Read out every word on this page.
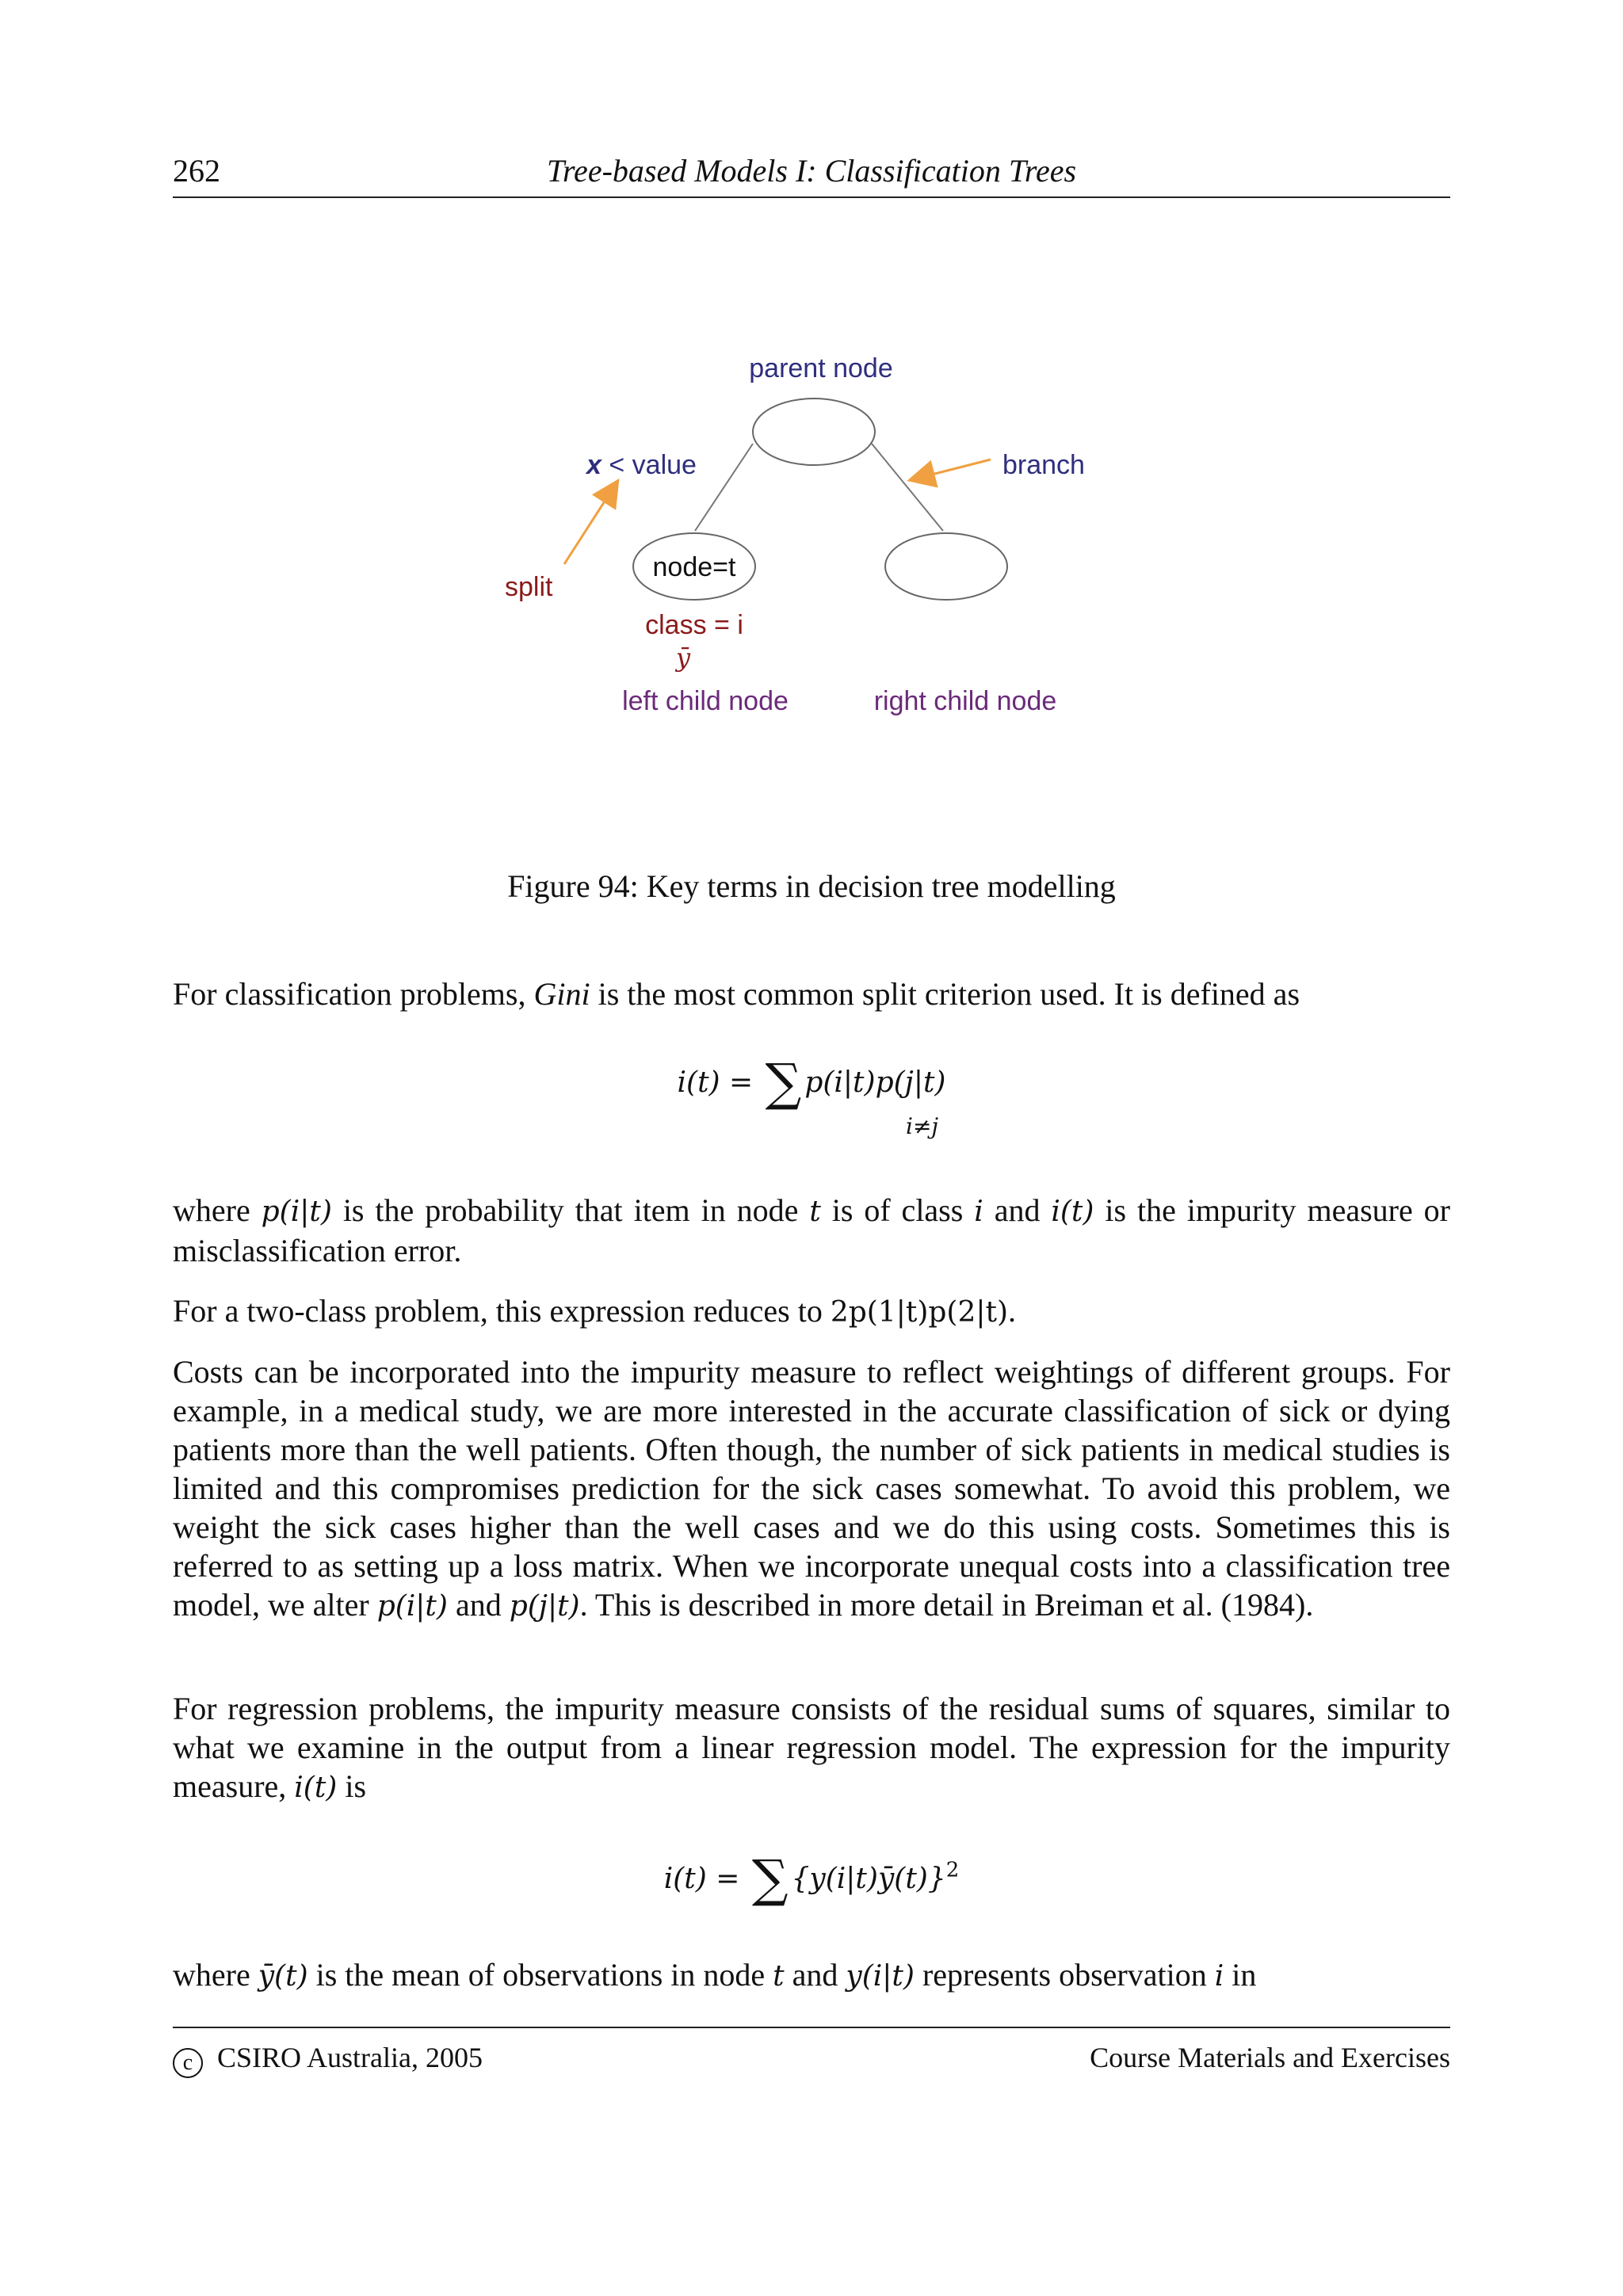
262	Tree-based Models I: Classification Trees
parent node
x < value	branch
split
node=t
class = i
ȳ
left child node	right child node
Figure 94: Key terms in decision tree modelling
For classification problems, Gini is the most common split criterion used. It is defined as
i(t) = ∑ p(i|t)p(j|t)
i≠j
where p(i|t) is the probability that item in node t is of class i and i(t) is the impurity measure or misclassification error.
For a two-class problem, this expression reduces to 2p(1|t)p(2|t).
Costs can be incorporated into the impurity measure to reflect weightings of different groups. For example, in a medical study, we are more interested in the accurate classification of sick or dying patients more than the well patients. Often though, the number of sick patients in medical studies is limited and this compromises prediction for the sick cases somewhat. To avoid this problem, we weight the sick cases higher than the well cases and we do this using costs. Sometimes this is referred to as setting up a loss matrix. When we incorporate unequal costs into a classification tree model, we alter p(i|t) and p(j|t). This is described in more detail in Breiman et al. (1984).
For regression problems, the impurity measure consists of the residual sums of squares, similar to what we examine in the output from a linear regression model. The expression for the impurity measure, i(t) is
i(t) = ∑ {y(i|t)ȳ(t)}$^2$
where ȳ(t) is the mean of observations in node t and y(i|t) represents observation i in
c CSIRO Australia, 2005	Course Materials and Exercises
